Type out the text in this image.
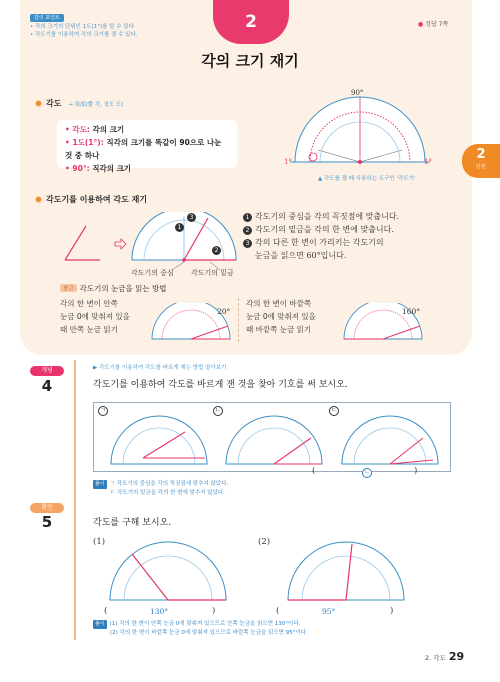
감의 포인트
• 각의 크기의 단위인 1도(1°)를 알 수 있다.
• 각도기를 이용하여 각의 크기를 잴 수 있다.
2	● 정답 7쪽
각의 크기 재기
2
단원
각도 → 角度(뿔 각, 정도 도)
• 각도: 각의 크기
• 1도(1°): 직각의 크기를 똑같이 90으로 나눈 것 중 하나
• 90°: 직각의 크기
90°
1°	1°
▲ 각도를 잴 때 사용하는 도구인 '각도기'
각도기를 이용하여 각도 재기
1
2
3
각도기의 중심 각도기의 밑금
1 각도기의 중심을 각의 꼭짓점에 맞춥니다.
2 각도기의 밑금을 각의 한 변에 맞춥니다.
3 각의 다른 한 변이 가리키는 각도기의
눈금을 읽으면 60°입니다.
참고 각도기의 눈금을 읽는 방법
각의 한 변이 안쪽
눈금 0에 맞춰져 있을
때 안쪽 눈금 읽기
20°
각의 한 변이 바깥쪽
눈금 0에 맞춰져 있을
때 바깥쪽 눈금 읽기
160°
개념
4
▶ 각도기를 이용하여 각도를 바르게 재는 방법 알아보기
각도기를 이용하여 각도를 바르게 잰 것을 찾아 기호를 써 보시오.
ㄱ	ㄴ	ㄷ
(	ㄴ	)
풀이 ㄱ 각도기의 중심을 각의 꼭짓점에 맞추지 않았다.
ㄷ 각도기의 밑금을 각의 한 변에 맞추지 않았다.
확인
5	각도를 구해 보시오.
(1)	(2)
(	130°	)	(	95°	)
풀이 (1) 각의 한 변이 안쪽 눈금 0에 맞춰져 있으므로 안쪽 눈금을 읽으면 130°이다.
(2) 각의 한 변이 바깥쪽 눈금 0에 맞춰져 있으므로 바깥쪽 눈금을 읽으면 95°이다.
2. 각도 29
